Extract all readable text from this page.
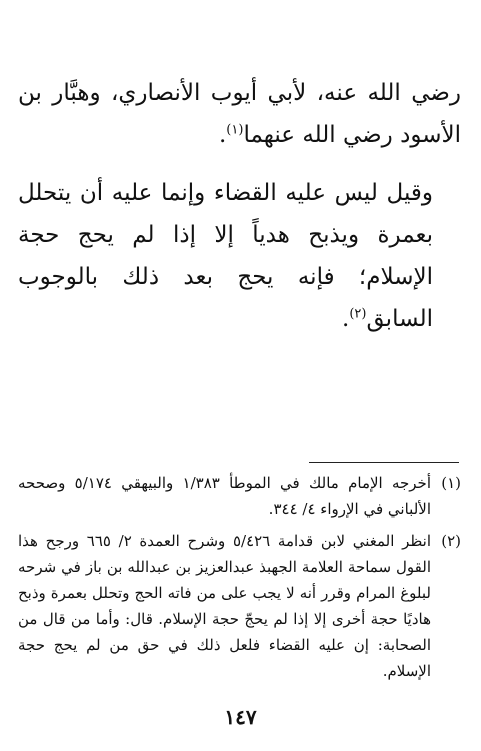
رضي الله عنه، لأبي أيوب الأنصاري، وهبَّار بن الأسود رضي الله عنهما$^{(١)}$.

وقيل ليس عليه القضاء وإنما عليه أن يتحلل بعمرة ويذبح هدياً إلا إذا لم يحج حجة الإسلام؛ فإنه يحج بعد ذلك بالوجوب السابق$^{(٢)}$.

(١)
أخرجه الإمام مالك في الموطأ ١/٣٨٣ والبيهقي ٥/١٧٤ وصححه الألباني في الإرواء ٤/ ٣٤٤.

(٢)
انظر المغني لابن قدامة ٥/٤٢٦ وشرح العمدة ٢/ ٦٦٥ ورجح هذا القول سماحة العلامة الجهبذ عبدالعزيز بن عبدالله بن باز في شرحه لبلوغ المرام وقرر أنه لا يجب على من فاته الحج وتحلل بعمرة وذبح هاديًا حجة أخرى إلا إذا لم يحجّ حجة الإسلام. قال: وأما من قال من الصحابة: إن عليه القضاء فلعل ذلك في حق من لم يحج حجة الإسلام.

١٤٧
